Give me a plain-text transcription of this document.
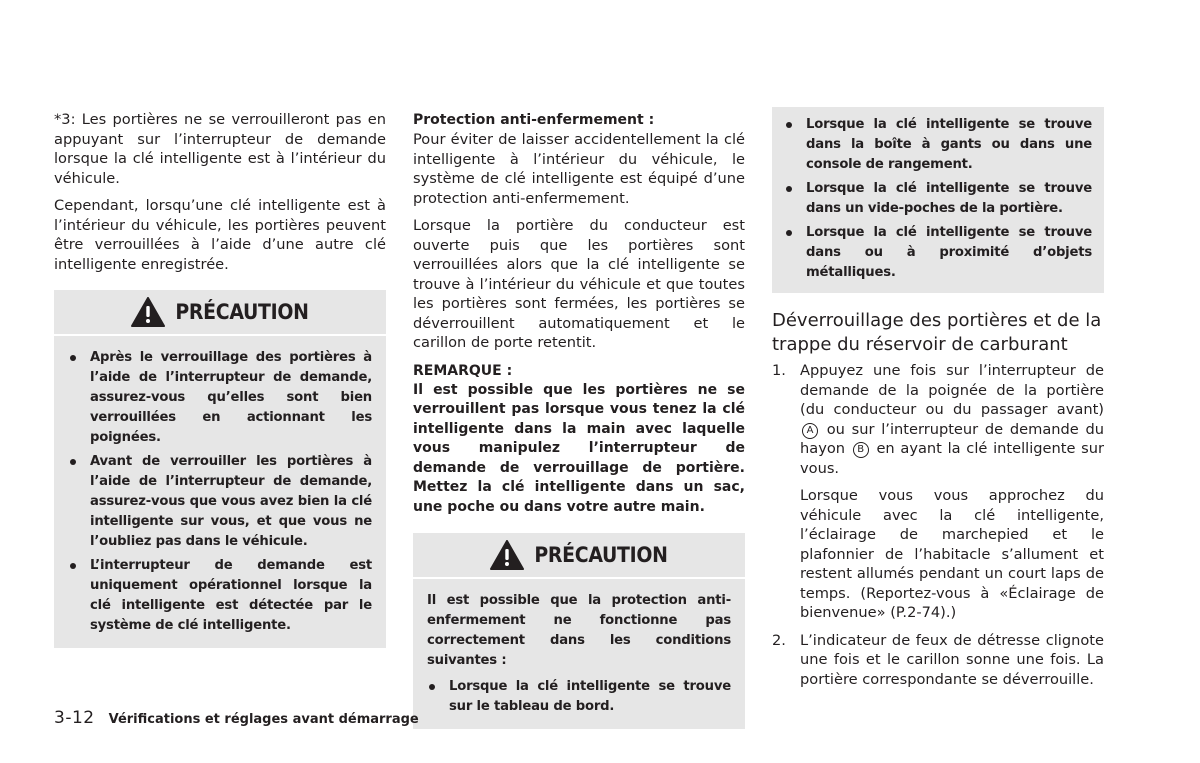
*3: Les portières ne se verrouilleront pas en appuyant sur l’interrupteur de demande lorsque la clé intelligente est à l’intérieur du véhicule.

Cependant, lorsqu’une clé intelligente est à l’intérieur du véhicule, les portières peuvent être verrouillées à l’aide d’une autre clé intelligente enregistrée.

PRÉCAUTION
Après le verrouillage des portières à l’aide de l’interrupteur de demande, assurez-vous qu’elles sont bien verrouillées en actionnant les poignées.
Avant de verrouiller les portières à l’aide de l’interrupteur de demande, assurez-vous que vous avez bien la clé intelligente sur vous, et que vous ne l’oubliez pas dans le véhicule.
L’interrupteur de demande est uniquement opérationnel lorsque la clé intelligente est détectée par le système de clé intelligente.
Protection anti-enfermement :

Pour éviter de laisser accidentellement la clé intelligente à l’intérieur du véhicule, le système de clé intelligente est équipé d’une protection anti-enfermement.

Lorsque la portière du conducteur est ouverte puis que les portières sont verrouillées alors que la clé intelligente se trouve à l’intérieur du véhicule et que toutes les portières sont fermées, les portières se déverrouillent automatiquement et le carillon de porte retentit.

REMARQUE :

Il est possible que les portières ne se verrouillent pas lorsque vous tenez la clé intelligente dans la main avec laquelle vous manipulez l’interrupteur de demande de verrouillage de portière. Mettez la clé intelligente dans un sac, une poche ou dans votre autre main.

PRÉCAUTION
Il est possible que la protection anti-enfermement ne fonctionne pas correctement dans les conditions suivantes :
Lorsque la clé intelligente se trouve sur le tableau de bord.
Lorsque la clé intelligente se trouve dans la boîte à gants ou dans une console de rangement.
Lorsque la clé intelligente se trouve dans un vide-poches de la portière.
Lorsque la clé intelligente se trouve dans ou à proximité d’objets métalliques.
Déverrouillage des portières et de la trappe du réservoir de carburant
1. Appuyez une fois sur l’interrupteur de demande de la poignée de la portière (du conducteur ou du passager avant) A ou sur l’interrupteur de demande du hayon B en ayant la clé intelligente sur vous.

Lorsque vous vous approchez du véhicule avec la clé intelligente, l’éclairage de marchepied et le plafonnier de l’habitacle s’allument et restent allumés pendant un court laps de temps. (Reportez-vous à «Éclairage de bienvenue» (P.2-74).)

2. L’indicateur de feux de détresse clignote une fois et le carillon sonne une fois. La portière correspondante se déverrouille.

3-12 Vérifications et réglages avant démarrage
